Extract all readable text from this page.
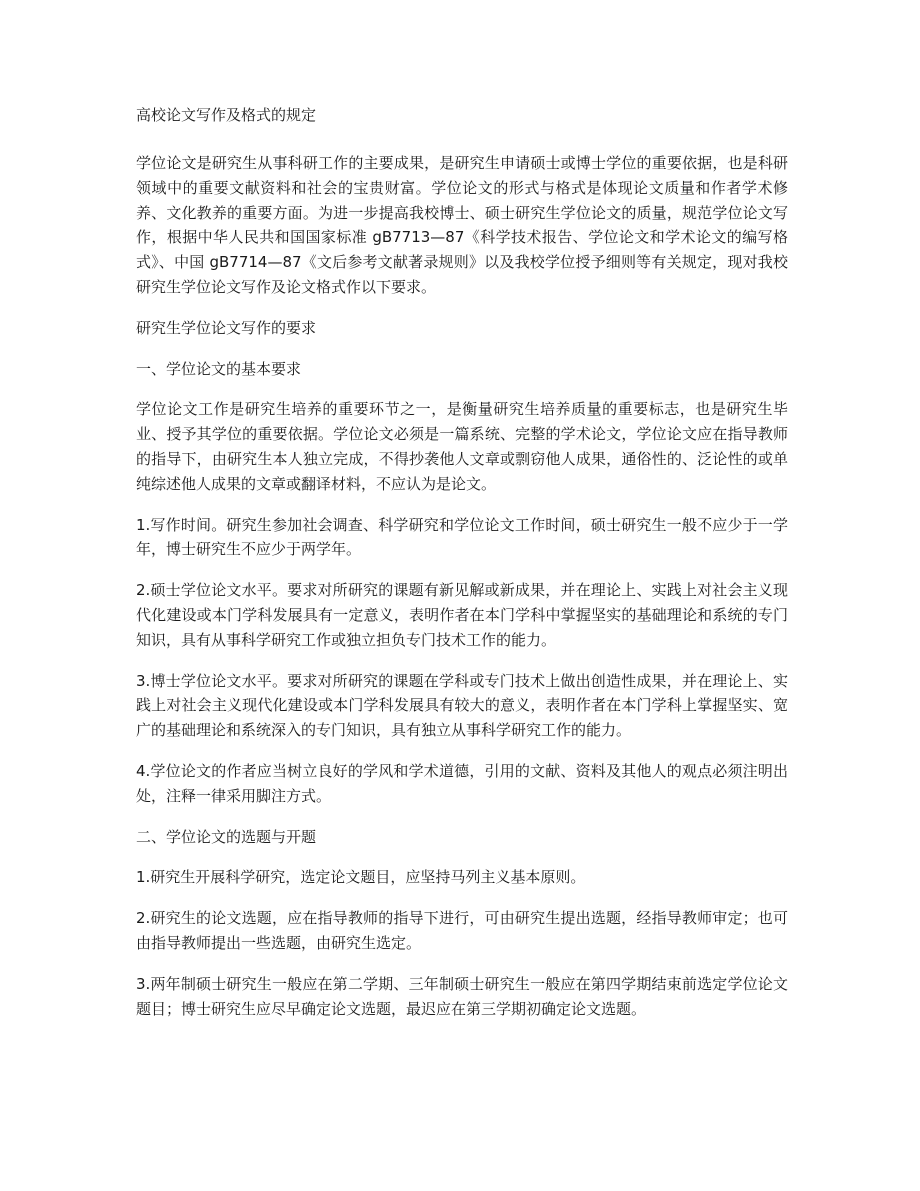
高校论文写作及格式的规定
学位论文是研究生从事科研工作的主要成果，是研究生申请硕士或博士学位的重要依据，也是科研领域中的重要文献资料和社会的宝贵财富。学位论文的形式与格式是体现论文质量和作者学术修养、文化教养的重要方面。为进一步提高我校博士、硕士研究生学位论文的质量，规范学位论文写作，根据中华人民共和国国家标准 gB7713—87《科学技术报告、学位论文和学术论文的编写格式》、中国 gB7714—87《文后参考文献著录规则》以及我校学位授予细则等有关规定，现对我校研究生学位论文写作及论文格式作以下要求。
研究生学位论文写作的要求
一、学位论文的基本要求
学位论文工作是研究生培养的重要环节之一，是衡量研究生培养质量的重要标志，也是研究生毕业、授予其学位的重要依据。学位论文必须是一篇系统、完整的学术论文，学位论文应在指导教师的指导下，由研究生本人独立完成，不得抄袭他人文章或剽窃他人成果，通俗性的、泛论性的或单纯综述他人成果的文章或翻译材料，不应认为是论文。
1.写作时间。研究生参加社会调查、科学研究和学位论文工作时间，硕士研究生一般不应少于一学年，博士研究生不应少于两学年。
2.硕士学位论文水平。要求对所研究的课题有新见解或新成果，并在理论上、实践上对社会主义现代化建设或本门学科发展具有一定意义，表明作者在本门学科中掌握坚实的基础理论和系统的专门知识，具有从事科学研究工作或独立担负专门技术工作的能力。
3.博士学位论文水平。要求对所研究的课题在学科或专门技术上做出创造性成果，并在理论上、实践上对社会主义现代化建设或本门学科发展具有较大的意义，表明作者在本门学科上掌握坚实、宽广的基础理论和系统深入的专门知识，具有独立从事科学研究工作的能力。
4.学位论文的作者应当树立良好的学风和学术道德，引用的文献、资料及其他人的观点必须注明出处，注释一律采用脚注方式。
二、学位论文的选题与开题
1.研究生开展科学研究，选定论文题目，应坚持马列主义基本原则。
2.研究生的论文选题，应在指导教师的指导下进行，可由研究生提出选题，经指导教师审定；也可由指导教师提出一些选题，由研究生选定。
3.两年制硕士研究生一般应在第二学期、三年制硕士研究生一般应在第四学期结束前选定学位论文题目；博士研究生应尽早确定论文选题，最迟应在第三学期初确定论文选题。
